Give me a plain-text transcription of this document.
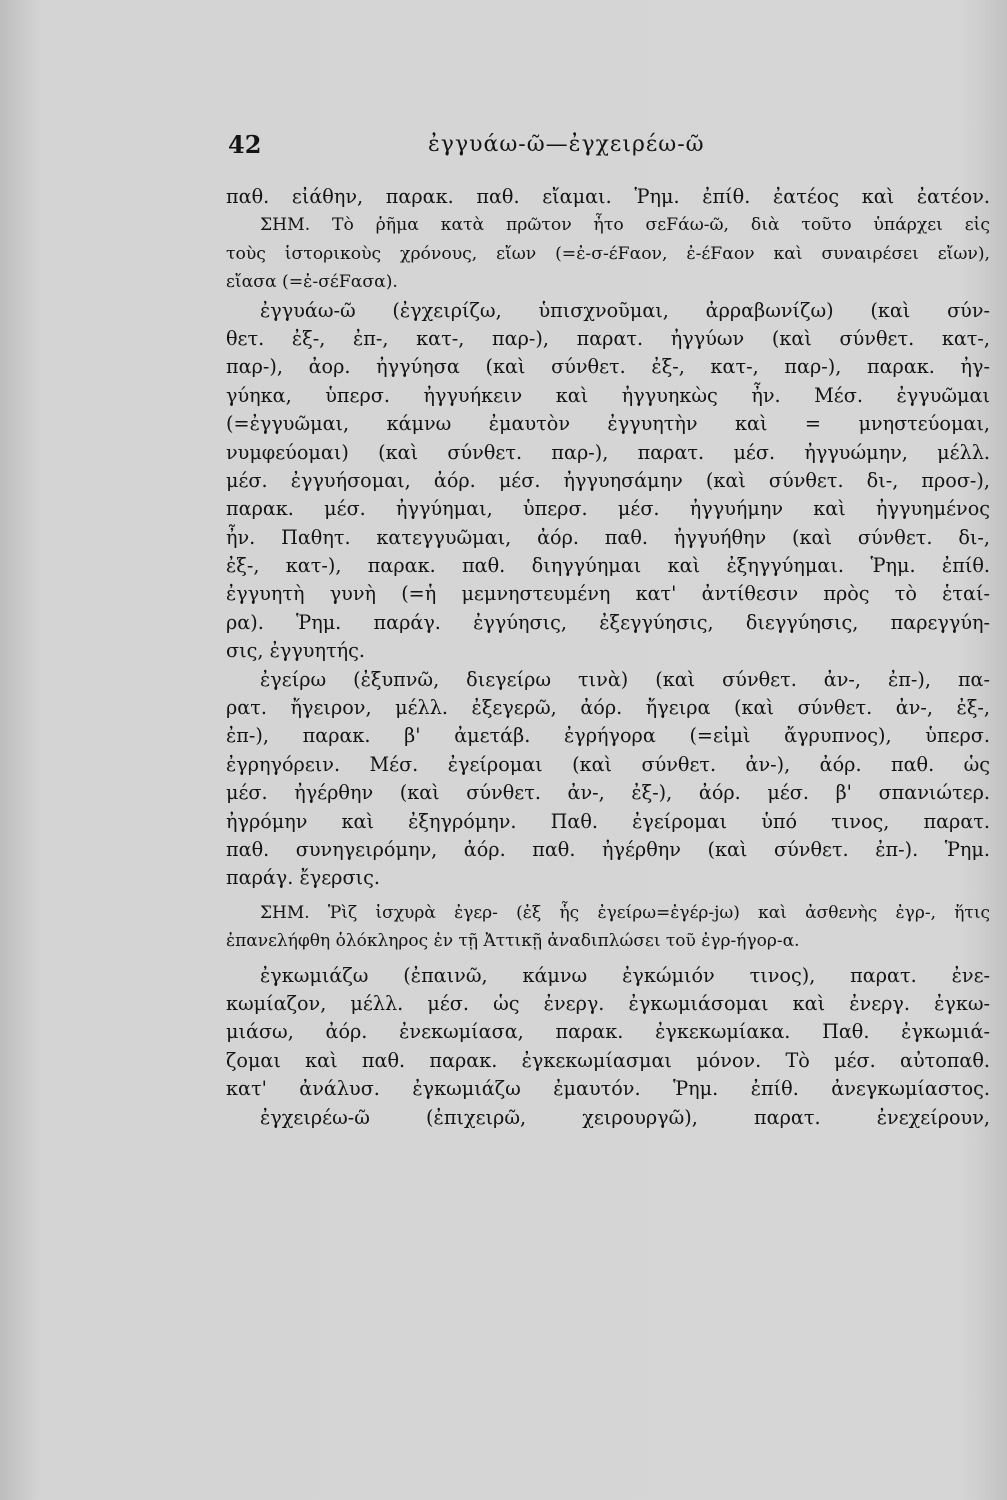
42	ἐγγυάω-ῶ—ἐγχειρέω-ῶ
παθ. εἰάθην, παρακ. παθ. εἴαμαι. Ῥημ. ἐπίθ. ἐατέος καὶ ἐατέον.
ΣΗΜ. Τὸ ῥῆμα κατὰ πρῶτον ἦτο σεFάω-ῶ, διὰ τοῦτο ὑπάρχει εἰς
τοὺς ἱστορικοὺς χρόνους, εἴων (=ἐ-σ-έFαον, ἐ-έFαον καὶ συναιρέσει εἴων),
εἴασα (=ἐ-σέFασα).
ἐγγυάω-ῶ (ἐγχειρίζω, ὑπισχνοῦμαι, ἀρραβωνίζω) (καὶ σύν-
θετ. ἐξ-, ἐπ-, κατ-, παρ-), παρατ. ἠγγύων (καὶ σύνθετ. κατ-,
παρ-), ἀορ. ἠγγύησα (καὶ σύνθετ. ἐξ-, κατ-, παρ-), παρακ. ἠγ-
γύηκα, ὑπερσ. ἠγγυήκειν καὶ ἠγγυηκὼς ἦν. Μέσ. ἐγγυῶμαι
(=ἐγγυῶμαι, κάμνω ἐμαυτὸν ἐγγυητὴν καὶ = μνηστεύομαι,
νυμφεύομαι) (καὶ σύνθετ. παρ-), παρατ. μέσ. ἠγγυώμην, μέλλ.
μέσ. ἐγγυήσομαι, ἀόρ. μέσ. ἠγγυησάμην (καὶ σύνθετ. δι-, προσ-),
παρακ. μέσ. ἠγγύημαι, ὑπερσ. μέσ. ἠγγυήμην καὶ ἠγγυημένος
ἦν. Παθητ. κατεγγυῶμαι, ἀόρ. παθ. ἠγγυήθην (καὶ σύνθετ. δι-,
ἐξ-, κατ-), παρακ. παθ. διηγγύημαι καὶ ἐξηγγύημαι. Ῥημ. ἐπίθ.
ἐγγυητὴ γυνὴ (=ἡ μεμνηστευμένη κατ' ἀντίθεσιν πρὸς τὸ ἑταί-
ρα). Ῥημ. παράγ. ἐγγύησις, ἐξεγγύησις, διεγγύησις, παρεγγύη-
σις, ἐγγυητής.
ἐγείρω (ἐξυπνῶ, διεγείρω τινὰ) (καὶ σύνθετ. ἀν-, ἐπ-), πα-
ρατ. ἤγειρον, μέλλ. ἐξεγερῶ, ἀόρ. ἤγειρα (καὶ σύνθετ. ἀν-, ἐξ-,
ἐπ-), παρακ. β' ἀμετάβ. ἐγρήγορα (=εἰμὶ ἄγρυπνος), ὑπερσ.
ἐγρηγόρειν. Μέσ. ἐγείρομαι (καὶ σύνθετ. ἀν-), ἀόρ. παθ. ὡς
μέσ. ἠγέρθην (καὶ σύνθετ. ἀν-, ἐξ-), ἀόρ. μέσ. β' σπανιώτερ.
ἠγρόμην καὶ ἐξηγρόμην. Παθ. ἐγείρομαι ὑπό τινος, παρατ.
παθ. συνηγειρόμην, ἀόρ. παθ. ἠγέρθην (καὶ σύνθετ. ἐπ-). Ῥημ.
παράγ. ἔγερσις.
ΣΗΜ. Ῥὶζ ἰσχυρὰ ἐγερ- (ἐξ ἧς ἐγείρω=ἐγέρ-jω) καὶ ἀσθενὴς ἐγρ-, ἥτις
ἐπανελήφθη ὁλόκληρος ἐν τῇ Ἀττικῇ ἀναδιπλώσει τοῦ ἐγρ-ήγορ-α.
ἐγκωμιάζω (ἐπαινῶ, κάμνω ἐγκώμιόν τινος), παρατ. ἐνε-
κωμίαζον, μέλλ. μέσ. ὡς ἐνεργ. ἐγκωμιάσομαι καὶ ἐνεργ. ἐγκω-
μιάσω, ἀόρ. ἐνεκωμίασα, παρακ. ἐγκεκωμίακα. Παθ. ἐγκωμιά-
ζομαι καὶ παθ. παρακ. ἐγκεκωμίασμαι μόνον. Τὸ μέσ. αὐτοπαθ.
κατ' ἀνάλυσ. ἐγκωμιάζω ἐμαυτόν. Ῥημ. ἐπίθ. ἀνεγκωμίαστος.
ἐγχειρέω-ῶ (ἐπιχειρῶ, χειρουργῶ), παρατ. ἐνεχείρουν,
